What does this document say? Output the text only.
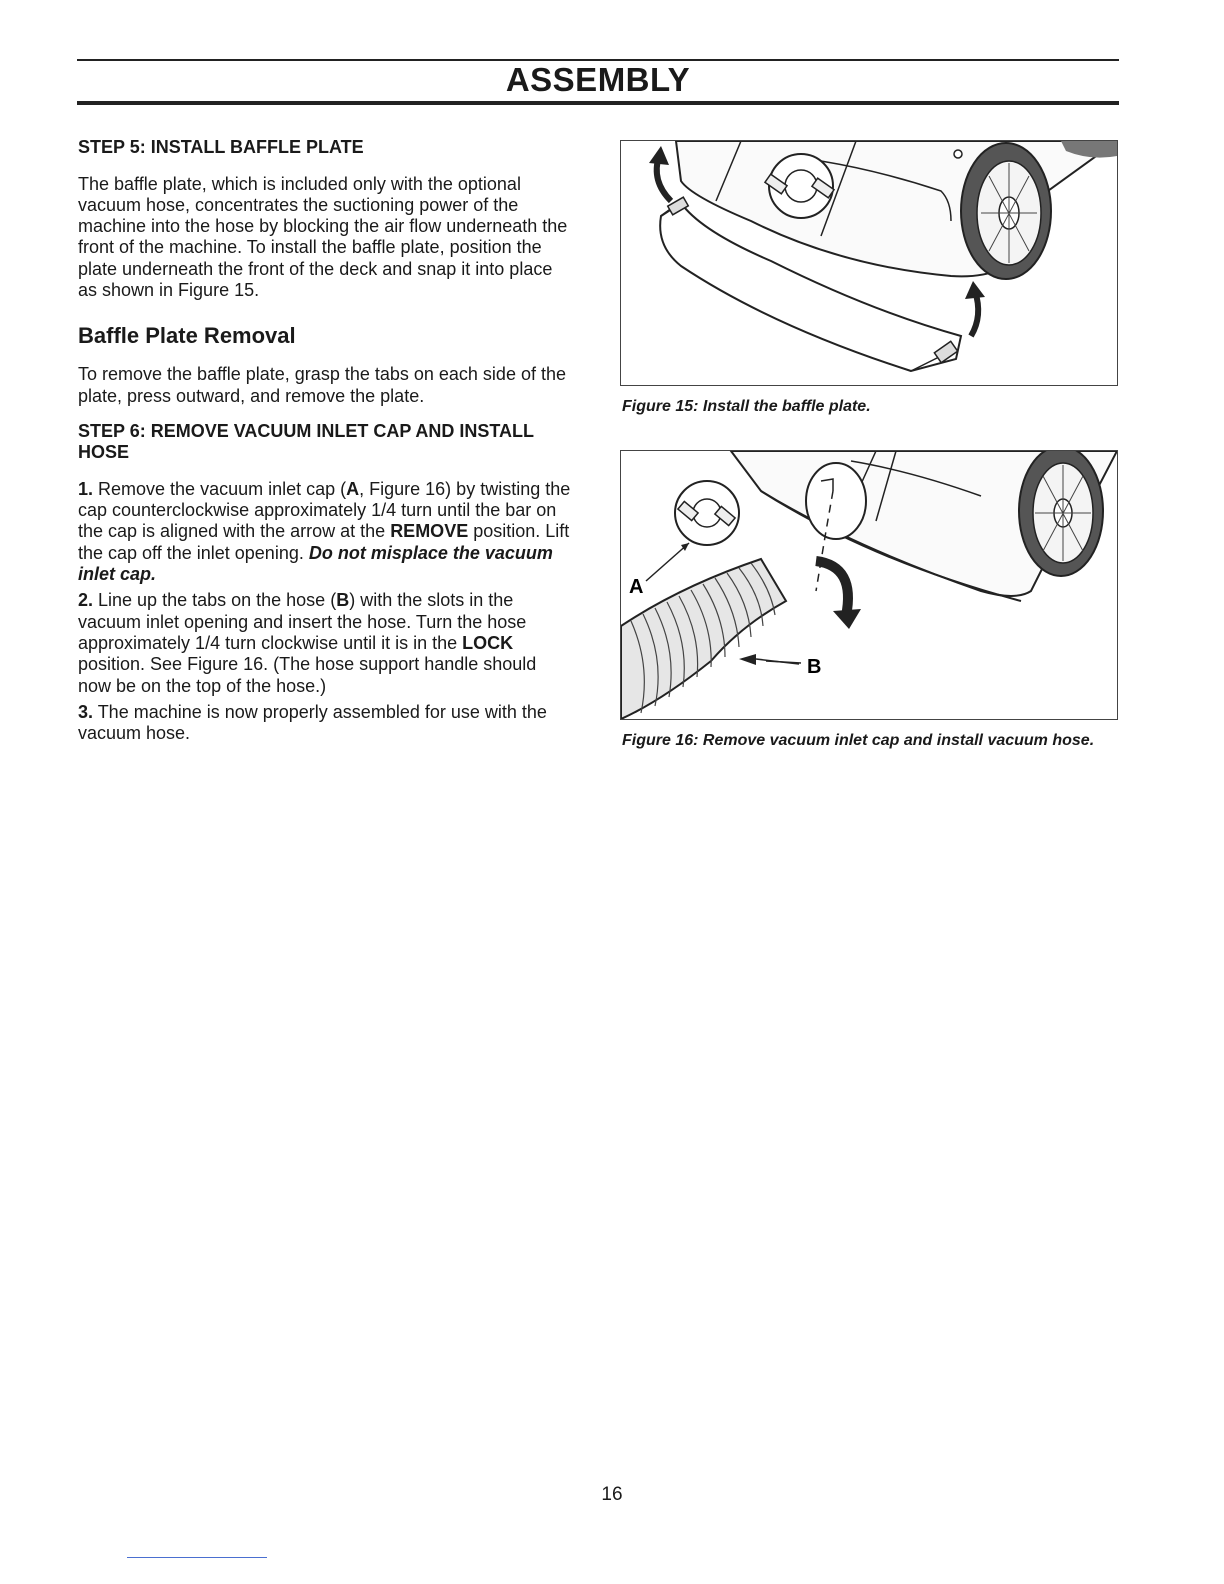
ASSEMBLY
STEP 5: INSTALL BAFFLE PLATE

The baffle plate, which is included only with the optional vacuum hose, concentrates the suctioning power of the machine into the hose by blocking the air flow underneath the front of the machine. To install the baffle plate, position the plate underneath the front of the deck and snap it into place as shown in Figure 15.

Baffle Plate Removal

To remove the baffle plate, grasp the tabs on each side of the plate, press outward, and remove the plate.

STEP 6: REMOVE VACUUM INLET CAP AND INSTALL HOSE

1. Remove the vacuum inlet cap (A, Figure 16) by twisting the cap counterclockwise approximately 1/4 turn until the bar on the cap is aligned with the arrow at the REMOVE position. Lift the cap off the inlet opening. Do not misplace the vacuum inlet cap.

2. Line up the tabs on the hose (B) with the slots in the vacuum inlet opening and insert the hose. Turn the hose approximately 1/4 turn clockwise until it is in the LOCK position. See Figure 16. (The hose support handle should now be on the top of the hose.)

3. The machine is now properly assembled for use with the vacuum hose.

Figure 15: Install the baffle plate.
A
B
Figure 16: Remove vacuum inlet cap and install vacuum hose.
16
